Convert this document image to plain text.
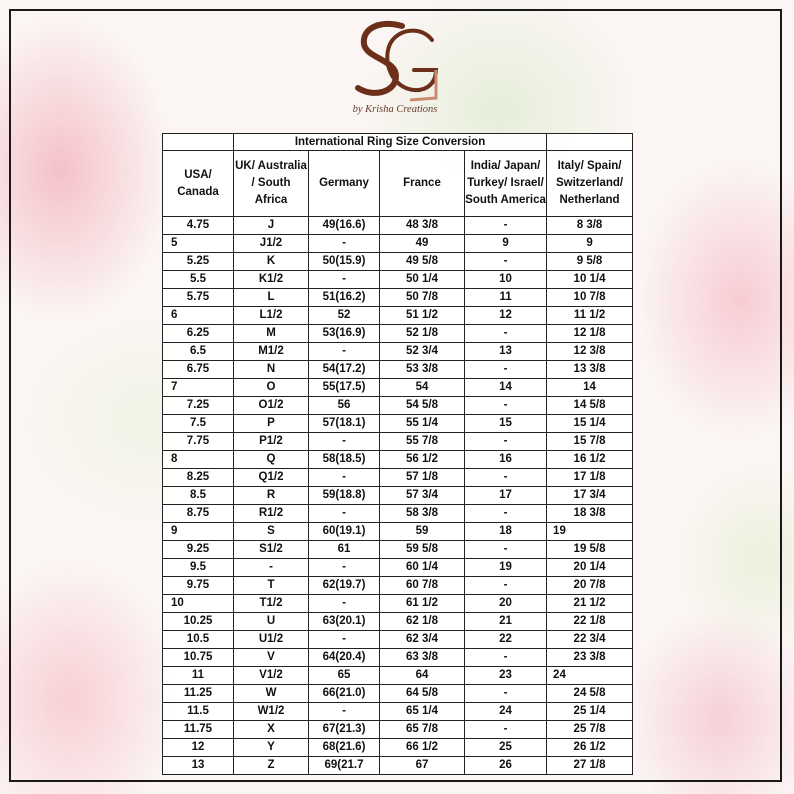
by Krisha Creations
	International Ring Size Conversion				
USA/ Canada	UK/ Australia / South Africa	Germany	France	India/ Japan/ Turkey/ Israel/ South America	Italy/ Spain/ Switzerland/ Netherland
4.75	J	49(16.6)	48 3/8	-	8 3/8
5	J1/2	-	49	9	9
5.25	K	50(15.9)	49 5/8	-	9 5/8
5.5	K1/2	-	50 1/4	10	10 1/4
5.75	L	51(16.2)	50 7/8	11	10 7/8
6	L1/2	52	51 1/2	12	11 1/2
6.25	M	53(16.9)	52 1/8	-	12 1/8
6.5	M1/2	-	52 3/4	13	12 3/8
6.75	N	54(17.2)	53 3/8	-	13 3/8
7	O	55(17.5)	54	14	14
7.25	O1/2	56	54 5/8	-	14 5/8
7.5	P	57(18.1)	55 1/4	15	15 1/4
7.75	P1/2	-	55 7/8	-	15 7/8
8	Q	58(18.5)	56 1/2	16	16 1/2
8.25	Q1/2	-	57 1/8	-	17 1/8
8.5	R	59(18.8)	57 3/4	17	17 3/4
8.75	R1/2	-	58 3/8	-	18 3/8
9	S	60(19.1)	59	18	19
9.25	S1/2	61	59 5/8	-	19 5/8
9.5	-	-	60 1/4	19	20 1/4
9.75	T	62(19.7)	60 7/8	-	20 7/8
10	T1/2	-	61 1/2	20	21 1/2
10.25	U	63(20.1)	62 1/8	21	22 1/8
10.5	U1/2	-	62 3/4	22	22 3/4
10.75	V	64(20.4)	63 3/8	-	23 3/8
11	V1/2	65	64	23	24
11.25	W	66(21.0)	64 5/8	-	24 5/8
11.5	W1/2	-	65 1/4	24	25 1/4
11.75	X	67(21.3)	65 7/8	-	25 7/8
12	Y	68(21.6)	66 1/2	25	26 1/2
13	Z	69(21.7	67	26	27 1/8
